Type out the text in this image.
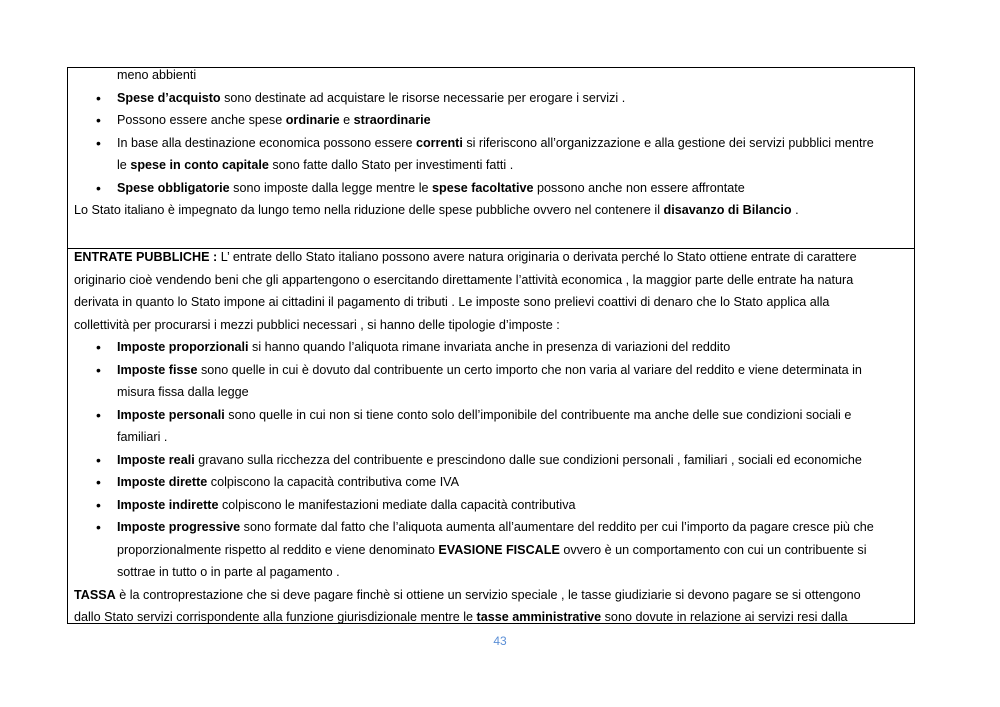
meno abbienti
• Spese d’acquisto sono destinate ad acquistare le risorse necessarie per erogare i servizi .
• Possono essere anche spese ordinarie e straordinarie
• In base alla destinazione economica possono essere correnti si riferiscono all’organizzazione e alla gestione dei servizi pubblici mentre
le spese in conto capitale sono fatte dallo Stato per investimenti fatti .
• Spese obbligatorie sono imposte dalla legge mentre le spese facoltative possono anche non essere affrontate
Lo Stato italiano è impegnato da lungo temo nella riduzione delle spese pubbliche ovvero nel contenere il disavanzo di Bilancio .
ENTRATE PUBBLICHE : L’ entrate dello Stato italiano possono avere natura originaria o derivata perché lo Stato ottiene entrate di carattere
originario cioè vendendo beni che gli appartengono o esercitando direttamente l’attività economica , la maggior parte delle entrate ha natura
derivata in quanto lo Stato impone ai cittadini il pagamento di tributi . Le imposte sono prelievi coattivi di denaro che lo Stato applica alla
collettività per procurarsi i mezzi pubblici necessari , si hanno delle tipologie d’imposte :
• Imposte proporzionali si hanno quando l’aliquota rimane invariata anche in presenza di variazioni del reddito
• Imposte fisse sono quelle in cui è dovuto dal contribuente un certo importo che non varia al variare del reddito e viene determinata in
misura fissa dalla legge
• Imposte personali sono quelle in cui non si tiene conto solo dell’imponibile del contribuente ma anche delle sue condizioni sociali e
familiari .
• Imposte reali gravano sulla ricchezza del contribuente e prescindono dalle sue condizioni personali , familiari , sociali ed economiche
• Imposte dirette colpiscono la capacità contributiva come IVA
• Imposte indirette colpiscono le manifestazioni mediate dalla capacità contributiva
• Imposte progressive sono formate dal fatto che l’aliquota aumenta all’aumentare del reddito per cui l’importo da pagare cresce più che
proporzionalmente rispetto al reddito e viene denominato EVASIONE FISCALE ovvero è un comportamento con cui un contribuente si
sottrae in tutto o in parte al pagamento .
TASSA è la controprestazione che si deve pagare finchè si ottiene un servizio speciale , le tasse giudiziarie si devono pagare se si ottengono
dallo Stato servizi corrispondente alla funzione giurisdizionale mentre le tasse amministrative sono dovute in relazione ai servizi resi dalla
43
